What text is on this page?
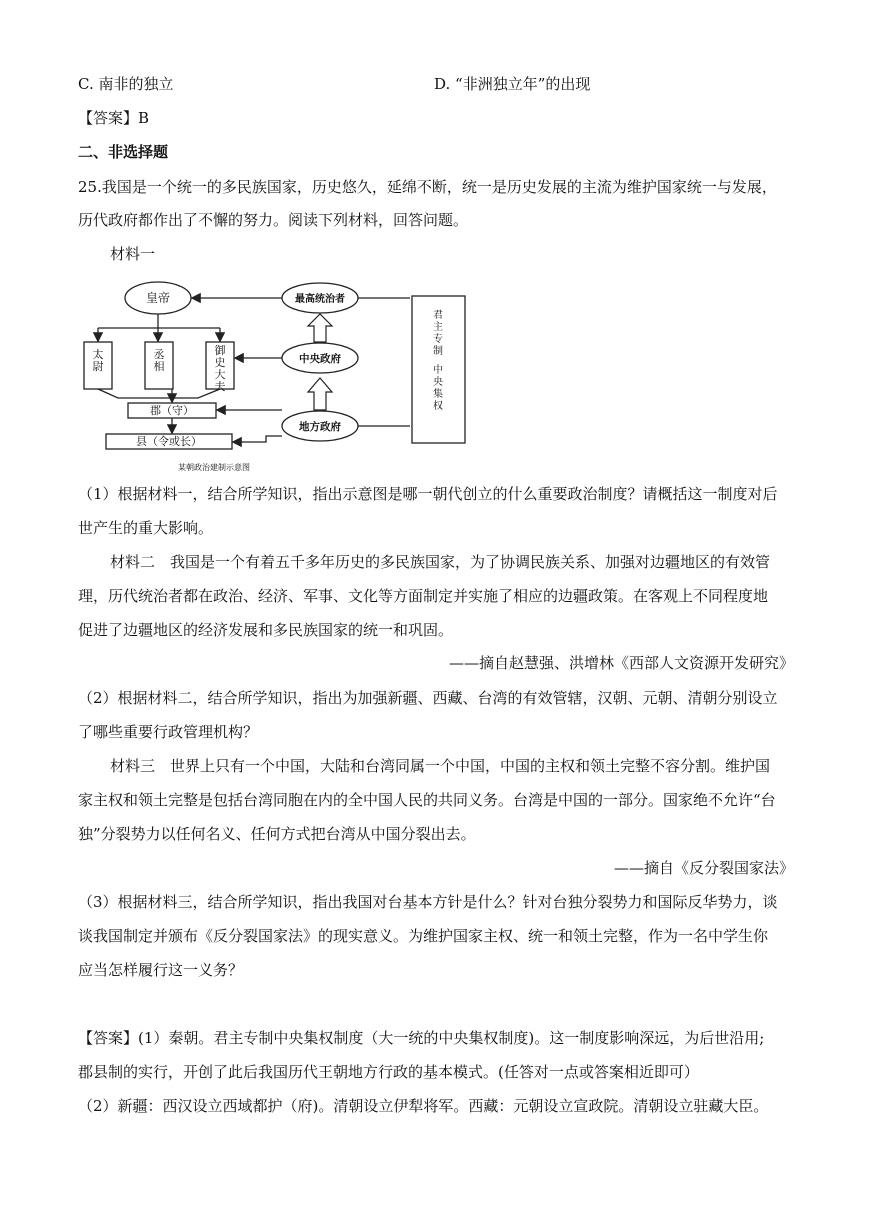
C. 南非的独立	D. “非洲独立年”的出现
【答案】B
二、非选择题
25.我国是一个统一的多民族国家，历史悠久，延绵不断，统一是历史发展的主流为维护国家统一与发展，
历代政府都作出了不懈的努力。阅读下列材料，回答问题。
材料一
皇帝
太尉
丞相
御史大夫
郡（守）
县（令或长）
最高统治者
中央政府
地方政府
君主专制 中央集权
某朝政治建制示意图
（1）根据材料一，结合所学知识，指出示意图是哪一朝代创立的什么重要政治制度？请概括这一制度对后
世产生的重大影响。
材料二　我国是一个有着五千多年历史的多民族国家，为了协调民族关系、加强对边疆地区的有效管
理，历代统治者都在政治、经济、军事、文化等方面制定并实施了相应的边疆政策。在客观上不同程度地
促进了边疆地区的经济发展和多民族国家的统一和巩固。
——摘自赵慧强、洪增林《西部人文资源开发研究》
（2）根据材料二，结合所学知识，指出为加强新疆、西藏、台湾的有效管辖，汉朝、元朝、清朝分别设立
了哪些重要行政管理机构？
材料三　世界上只有一个中国，大陆和台湾同属一个中国，中国的主权和领土完整不容分割。维护国
家主权和领土完整是包括台湾同胞在内的全中国人民的共同义务。台湾是中国的一部分。国家绝不允许“台
独”分裂势力以任何名义、任何方式把台湾从中国分裂出去。
——摘自《反分裂国家法》
（3）根据材料三，结合所学知识，指出我国对台基本方针是什么？针对台独分裂势力和国际反华势力，谈
谈我国制定并颁布《反分裂国家法》的现实意义。为维护国家主权、统一和领土完整，作为一名中学生你
应当怎样履行这一义务？
【答案】(1）秦朝。君主专制中央集权制度（大一统的中央集权制度)。这一制度影响深远，为后世沿用;
郡县制的实行，开创了此后我国历代王朝地方行政的基本模式。(任答对一点或答案相近即可）
（2）新疆：西汉设立西域都护（府)。清朝设立伊犁将军。西藏：元朝设立宣政院。清朝设立驻藏大臣。
